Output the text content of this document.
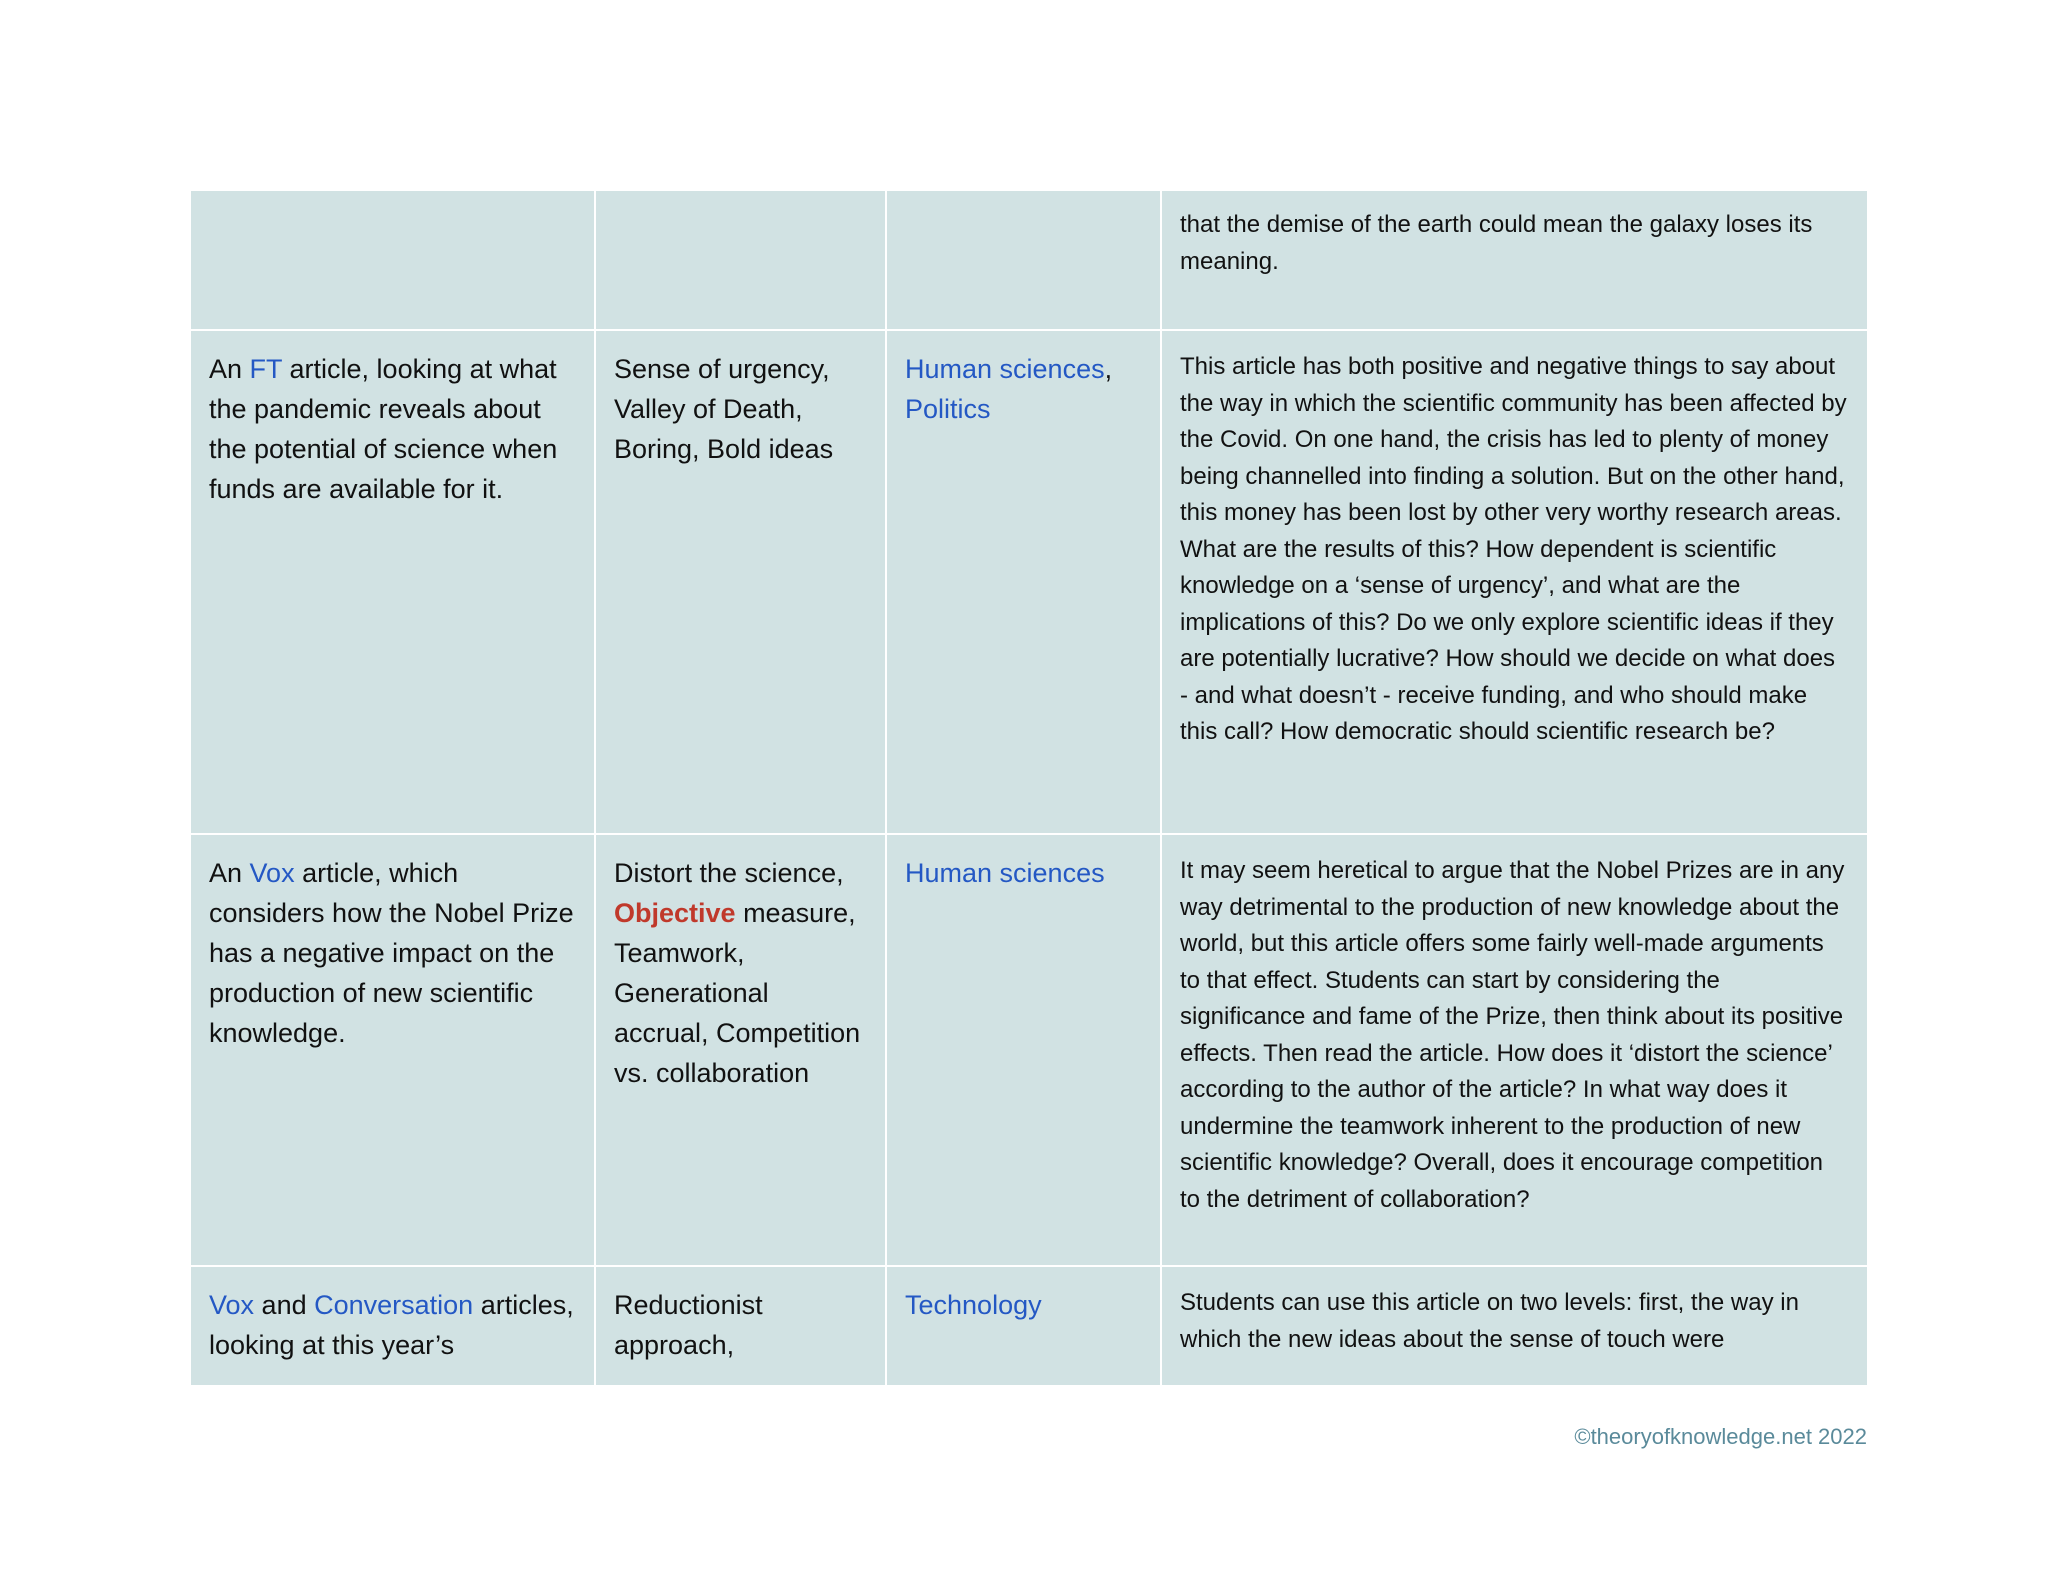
			that the demise of the earth could mean the galaxy loses its meaning.
An FT article, looking at what the pandemic reveals about the potential of science when funds are available for it.	Sense of urgency, Valley of Death, Boring, Bold ideas	Human sciences, Politics	This article has both positive and negative things to say about the way in which the scientific community has been affected by the Covid. On one hand, the crisis has led to plenty of money being channelled into finding a solution. But on the other hand, this money has been lost by other very worthy research areas. What are the results of this? How dependent is scientific knowledge on a ‘sense of urgency’, and what are the implications of this? Do we only explore scientific ideas if they are potentially lucrative? How should we decide on what does - and what doesn’t - receive funding, and who should make this call? How democratic should scientific research be?
An Vox article, which considers how the Nobel Prize has a negative impact on the production of new scientific knowledge.	Distort the science, Objective measure, Teamwork, Generational accrual, Competition vs. collaboration	Human sciences	It may seem heretical to argue that the Nobel Prizes are in any way detrimental to the production of new knowledge about the world, but this article offers some fairly well-made arguments to that effect. Students can start by considering the significance and fame of the Prize, then think about its positive effects. Then read the article. How does it ‘distort the science’ according to the author of the article? In what way does it undermine the teamwork inherent to the production of new scientific knowledge? Overall, does it encourage competition to the detriment of collaboration?
Vox and Conversation articles, looking at this year’s	Reductionist approach,	Technology	Students can use this article on two levels: first, the way in which the new ideas about the sense of touch were
©theoryofknowledge.net 2022
